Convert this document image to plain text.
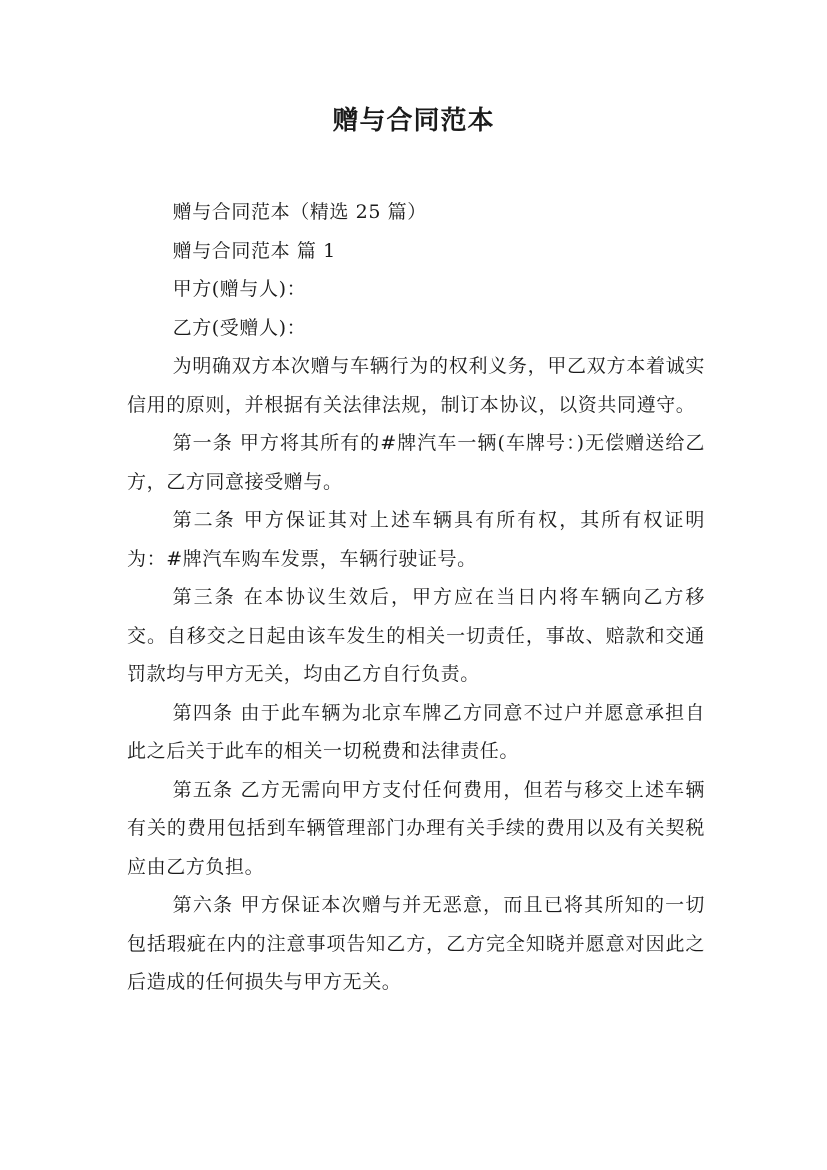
赠与合同范本

赠与合同范本（精选 25 篇）

赠与合同范本 篇 1

甲方(赠与人)：

乙方(受赠人)：

为明确双方本次赠与车辆行为的权利义务，甲乙双方本着诚实信用的原则，并根据有关法律法规，制订本协议，以资共同遵守。

第一条 甲方将其所有的#牌汽车一辆(车牌号：)无偿赠送给乙方，乙方同意接受赠与。

第二条 甲方保证其对上述车辆具有所有权，其所有权证明为：#牌汽车购车发票，车辆行驶证号。

第三条 在本协议生效后，甲方应在当日内将车辆向乙方移交。自移交之日起由该车发生的相关一切责任，事故、赔款和交通罚款均与甲方无关，均由乙方自行负责。

第四条 由于此车辆为北京车牌乙方同意不过户并愿意承担自此之后关于此车的相关一切税费和法律责任。

第五条 乙方无需向甲方支付任何费用，但若与移交上述车辆有关的费用包括到车辆管理部门办理有关手续的费用以及有关契税应由乙方负担。

第六条 甲方保证本次赠与并无恶意，而且已将其所知的一切包括瑕疵在内的注意事项告知乙方，乙方完全知晓并愿意对因此之后造成的任何损失与甲方无关。
